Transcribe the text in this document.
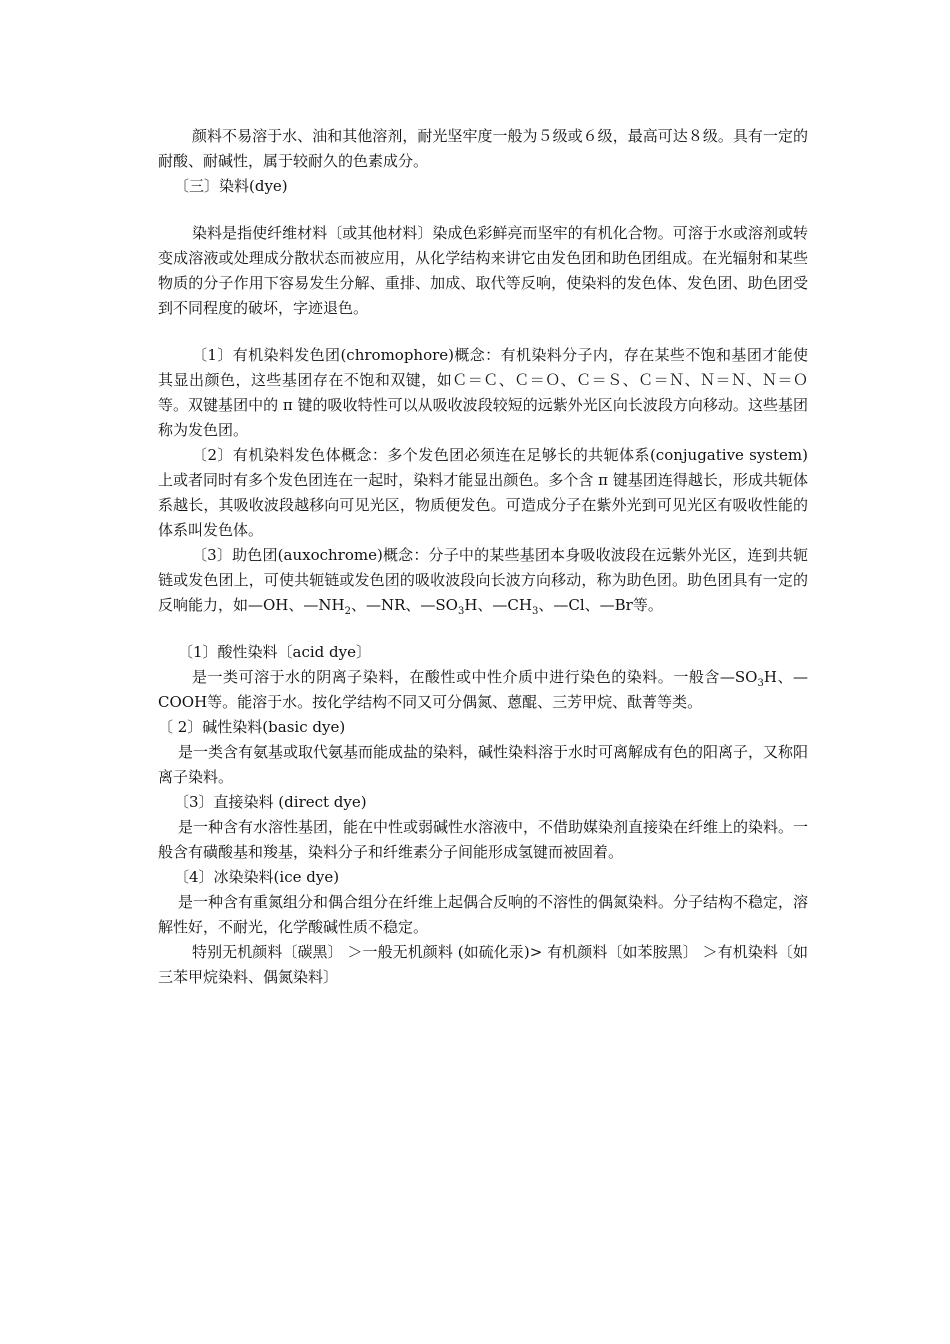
颜料不易溶于水、油和其他溶剂，耐光坚牢度一般为５级或６级，最高可达８级。具有一定的耐酸、耐碱性，属于较耐久的色素成分。

〔三〕染料(dye)

染料是指使纤维材料〔或其他材料〕染成色彩鲜亮而坚牢的有机化合物。可溶于水或溶剂或转变成溶液或处理成分散状态而被应用，从化学结构来讲它由发色团和助色团组成。在光辐射和某些物质的分子作用下容易发生分解、重排、加成、取代等反响，使染料的发色体、发色团、助色团受到不同程度的破坏，字迹退色。

〔1〕有机染料发色团(chromophore)概念：有机染料分子内，存在某些不饱和基团才能使其显出颜色，这些基团存在不饱和双键，如Ｃ＝Ｃ、Ｃ＝Ｏ、Ｃ＝Ｓ、Ｃ＝Ｎ、Ｎ＝Ｎ、Ｎ＝Ｏ等。双键基团中的 π 键的吸收特性可以从吸收波段较短的远紫外光区向长波段方向移动。这些基团称为发色团。

〔2〕有机染料发色体概念：多个发色团必须连在足够长的共轭体系(conjugative system)上或者同时有多个发色团连在一起时，染料才能显出颜色。多个含 π 键基团连得越长，形成共轭体系越长，其吸收波段越移向可见光区，物质便发色。可造成分子在紫外光到可见光区有吸收性能的体系叫发色体。

〔3〕助色团(auxochrome)概念：分子中的某些基团本身吸收波段在远紫外光区，连到共轭链或发色团上，可使共轭链或发色团的吸收波段向长波方向移动，称为助色团。助色团具有一定的反响能力，如—OH、$—NH_2$、—NR、$—SO_3H$、$—CH_3$、—Cl、—Br等。

〔1〕酸性染料〔acid dye〕

是一类可溶于水的阴离子染料，在酸性或中性介质中进行染色的染料。一般含$—SO_3H$、—COOH等。能溶于水。按化学结构不同又可分偶氮、蒽醌、三芳甲烷、酞菁等类。

〔 2〕碱性染料(basic dye)

是一类含有氨基或取代氨基而能成盐的染料，碱性染料溶于水时可离解成有色的阳离子，又称阳离子染料。

〔3〕直接染料 (direct dye)

是一种含有水溶性基团，能在中性或弱碱性水溶液中，不借助媒染剂直接染在纤维上的染料。一般含有磺酸基和羧基，染料分子和纤维素分子间能形成氢键而被固着。

〔4〕冰染染料(ice dye)

是一种含有重氮组分和偶合组分在纤维上起偶合反响的不溶性的偶氮染料。分子结构不稳定，溶解性好，不耐光，化学酸碱性质不稳定。

特别无机颜料〔碳黑〕 ＞一般无机颜料 (如硫化汞)> 有机颜料〔如苯胺黑〕 ＞有机染料〔如三苯甲烷染料、偶氮染料〕
